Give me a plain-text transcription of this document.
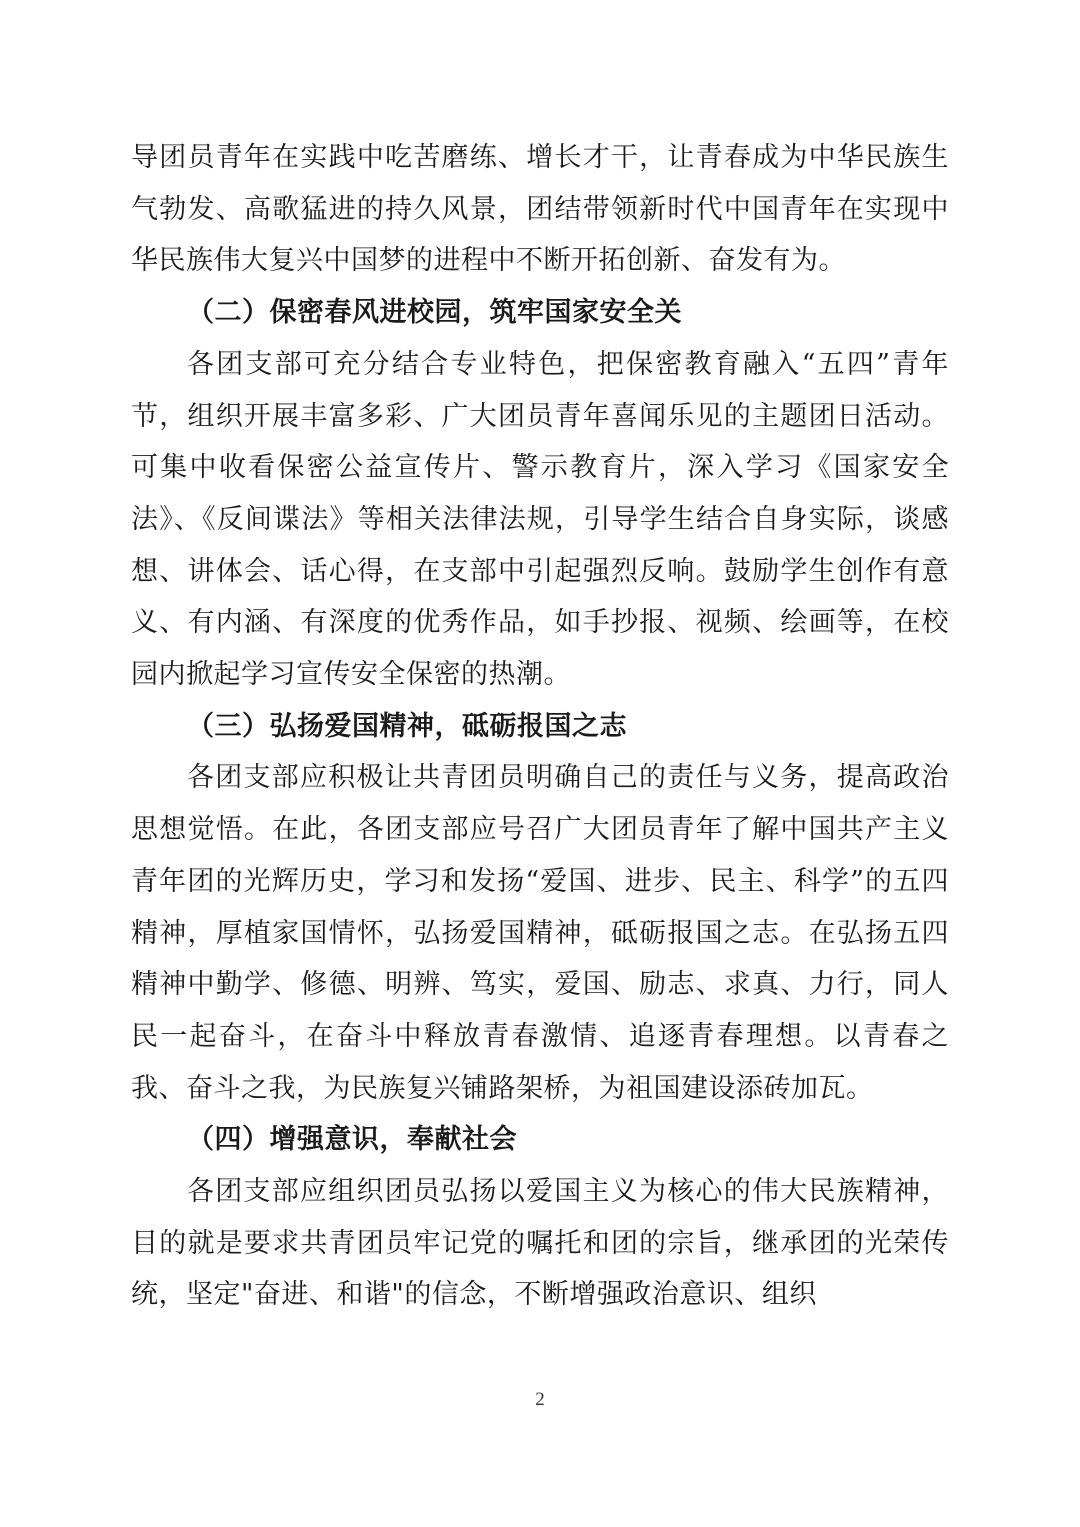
导团员青年在实践中吃苦磨练、增长才干，让青春成为中华民族生气勃发、高歌猛进的持久风景，团结带领新时代中国青年在实现中华民族伟大复兴中国梦的进程中不断开拓创新、奋发有为。

（二）保密春风进校园，筑牢国家安全关

各团支部可充分结合专业特色，把保密教育融入“五四”青年节，组织开展丰富多彩、广大团员青年喜闻乐见的主题团日活动。可集中收看保密公益宣传片、警示教育片，深入学习《国家安全法》、《反间谍法》等相关法律法规，引导学生结合自身实际，谈感想、讲体会、话心得，在支部中引起强烈反响。鼓励学生创作有意义、有内涵、有深度的优秀作品，如手抄报、视频、绘画等，在校园内掀起学习宣传安全保密的热潮。

（三）弘扬爱国精神，砥砺报国之志

各团支部应积极让共青团员明确自己的责任与义务，提高政治思想觉悟。在此，各团支部应号召广大团员青年了解中国共产主义青年团的光辉历史，学习和发扬“爱国、进步、民主、科学”的五四精神，厚植家国情怀，弘扬爱国精神，砥砺报国之志。在弘扬五四精神中勤学、修德、明辨、笃实，爱国、励志、求真、力行，同人民一起奋斗，在奋斗中释放青春激情、追逐青春理想。以青春之我、奋斗之我，为民族复兴铺路架桥，为祖国建设添砖加瓦。

（四）增强意识，奉献社会

各团支部应组织团员弘扬以爱国主义为核心的伟大民族精神，目的就是要求共青团员牢记党的嘱托和团的宗旨，继承团的光荣传统，坚定"奋进、和谐"的信念，不断增强政治意识、组织

2
